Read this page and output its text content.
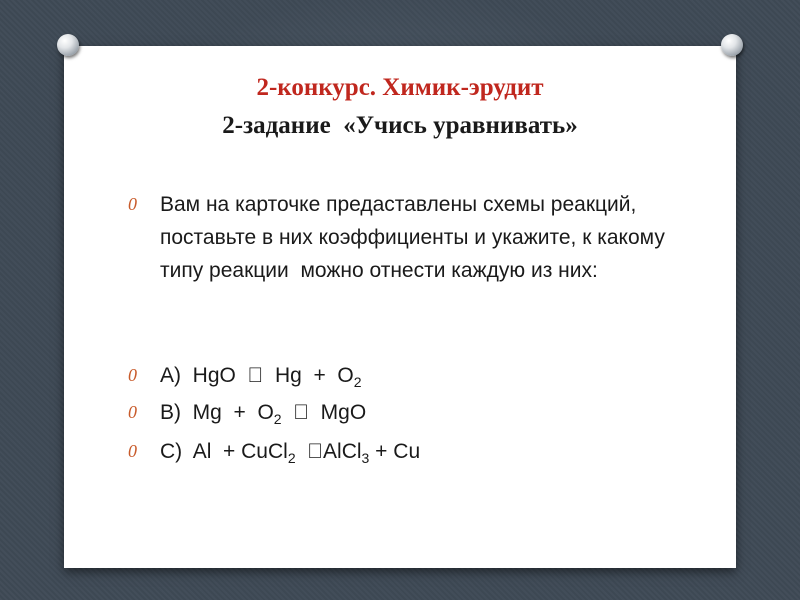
2-конкурс. Химик-эрудит
2-задание  «Учись уравнивать»
0	Вам на карточке предаставлены схемы реакций, поставьте в них коэффициенты и укажите, к какому типу реакции  можно отнести каждую из них:
0	A) HgO     $Hg + O_2$
0	B) $Mg + O_2$     MgO
0	C) Al  + CuCl$_2$   AlCl$_3$ + Cu
